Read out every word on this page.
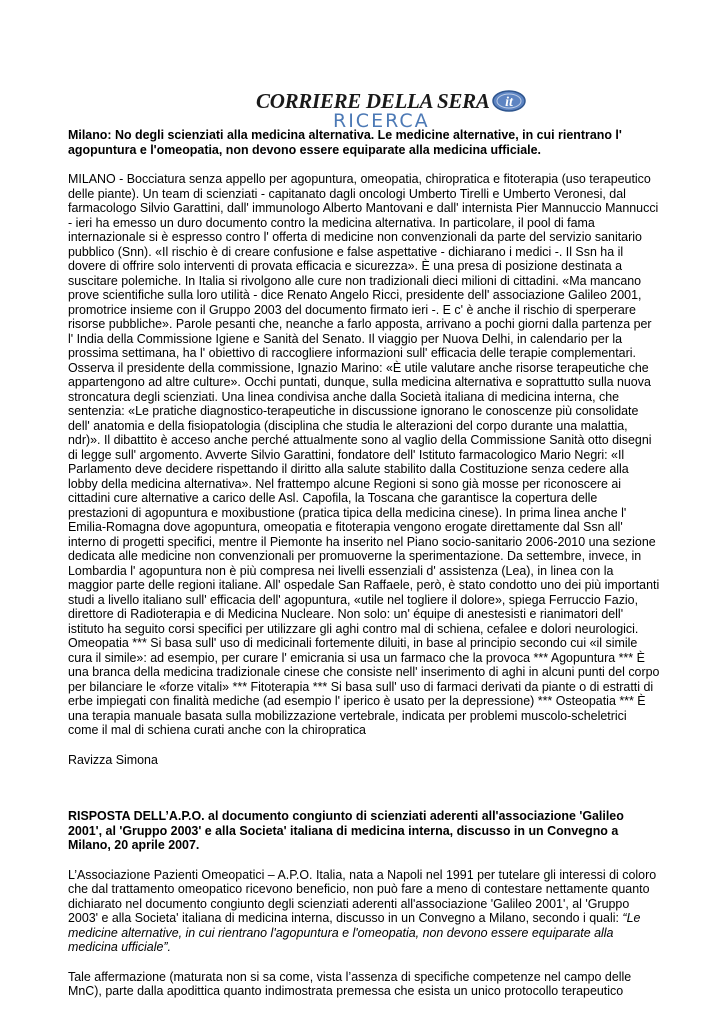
CORRIERE DELLA SERA it
RICERCA

Milano: No degli scienziati alla medicina alternativa. Le medicine alternative, in cui rientrano l' agopuntura e l'omeopatia, non devono essere equiparate alla medicina ufficiale.

MILANO - Bocciatura senza appello per agopuntura, omeopatia, chiropratica e fitoterapia (uso terapeutico delle piante). Un team di scienziati - capitanato dagli oncologi Umberto Tirelli e Umberto Veronesi, dal farmacologo Silvio Garattini, dall' immunologo Alberto Mantovani e dall' internista Pier Mannuccio Mannucci - ieri ha emesso un duro documento contro la medicina alternativa. In particolare, il pool di fama internazionale si è espresso contro l' offerta di medicine non convenzionali da parte del servizio sanitario pubblico (Snn). «Il rischio è di creare confusione e false aspettative - dichiarano i medici -. Il Ssn ha il dovere di offrire solo interventi di provata efficacia e sicurezza». È una presa di posizione destinata a suscitare polemiche. In Italia si rivolgono alle cure non tradizionali dieci milioni di cittadini. «Ma mancano prove scientifiche sulla loro utilità - dice Renato Angelo Ricci, presidente dell' associazione Galileo 2001, promotrice insieme con il Gruppo 2003 del documento firmato ieri -. E c' è anche il rischio di sperperare risorse pubbliche». Parole pesanti che, neanche a farlo apposta, arrivano a pochi giorni dalla partenza per l' India della Commissione Igiene e Sanità del Senato. Il viaggio per Nuova Delhi, in calendario per la prossima settimana, ha l' obiettivo di raccogliere informazioni sull' efficacia delle terapie complementari. Osserva il presidente della commissione, Ignazio Marino: «È utile valutare anche risorse terapeutiche che appartengono ad altre culture». Occhi puntati, dunque, sulla medicina alternativa e soprattutto sulla nuova stroncatura degli scienziati. Una linea condivisa anche dalla Società italiana di medicina interna, che sentenzia: «Le pratiche diagnostico-terapeutiche in discussione ignorano le conoscenze più consolidate dell' anatomia e della fisiopatologia (disciplina che studia le alterazioni del corpo durante una malattia, ndr)». Il dibattito è acceso anche perché attualmente sono al vaglio della Commissione Sanità otto disegni di legge sull' argomento. Avverte Silvio Garattini, fondatore dell' Istituto farmacologico Mario Negri: «Il Parlamento deve decidere rispettando il diritto alla salute stabilito dalla Costituzione senza cedere alla lobby della medicina alternativa». Nel frattempo alcune Regioni si sono già mosse per riconoscere ai cittadini cure alternative a carico delle Asl. Capofila, la Toscana che garantisce la copertura delle prestazioni di agopuntura e moxibustione (pratica tipica della medicina cinese). In prima linea anche l' Emilia-Romagna dove agopuntura, omeopatia e fitoterapia vengono erogate direttamente dal Ssn all' interno di progetti specifici, mentre il Piemonte ha inserito nel Piano socio-sanitario 2006-2010 una sezione dedicata alle medicine non convenzionali per promuoverne la sperimentazione. Da settembre, invece, in Lombardia l' agopuntura non è più compresa nei livelli essenziali d' assistenza (Lea), in linea con la maggior parte delle regioni italiane. All' ospedale San Raffaele, però, è stato condotto uno dei più importanti studi a livello italiano sull' efficacia dell' agopuntura, «utile nel togliere il dolore», spiega Ferruccio Fazio, direttore di Radioterapia e di Medicina Nucleare. Non solo: un' équipe di anestesisti e rianimatori dell' istituto ha seguito corsi specifici per utilizzare gli aghi contro mal di schiena, cefalee e dolori neurologici. Omeopatia *** Si basa sull' uso di medicinali fortemente diluiti, in base al principio secondo cui «il simile cura il simile»: ad esempio, per curare l' emicrania si usa un farmaco che la provoca *** Agopuntura *** È una branca della medicina tradizionale cinese che consiste nell' inserimento di aghi in alcuni punti del corpo per bilanciare le «forze vitali» *** Fitoterapia *** Si basa sull' uso di farmaci derivati da piante o di estratti di erbe impiegati con finalità mediche (ad esempio l' iperico è usato per la depressione) *** Osteopatia *** È una terapia manuale basata sulla mobilizzazione vertebrale, indicata per problemi muscolo-scheletrici come il mal di schiena curati anche con la chiropratica

Ravizza Simona

RISPOSTA DELL’A.P.O. al documento congiunto di scienziati aderenti all'associazione 'Galileo 2001', al 'Gruppo 2003' e alla Societa' italiana di medicina interna, discusso in un Convegno a Milano, 20 aprile 2007.

L’Associazione Pazienti Omeopatici – A.P.O. Italia, nata a Napoli nel 1991 per tutelare gli interessi di coloro che dal trattamento omeopatico ricevono beneficio, non può fare a meno di contestare nettamente quanto dichiarato nel documento congiunto degli scienziati aderenti all'associazione 'Galileo 2001', al 'Gruppo 2003' e alla Societa' italiana di medicina interna, discusso in un Convegno a Milano, secondo i quali: “Le medicine alternative, in cui rientrano l'agopuntura e l'omeopatia, non devono essere equiparate alla medicina ufficiale”.

Tale affermazione (maturata non si sa come, vista l’assenza di specifiche competenze nel campo delle MnC), parte dalla apodittica quanto indimostrata premessa che esista un unico protocollo terapeutico
